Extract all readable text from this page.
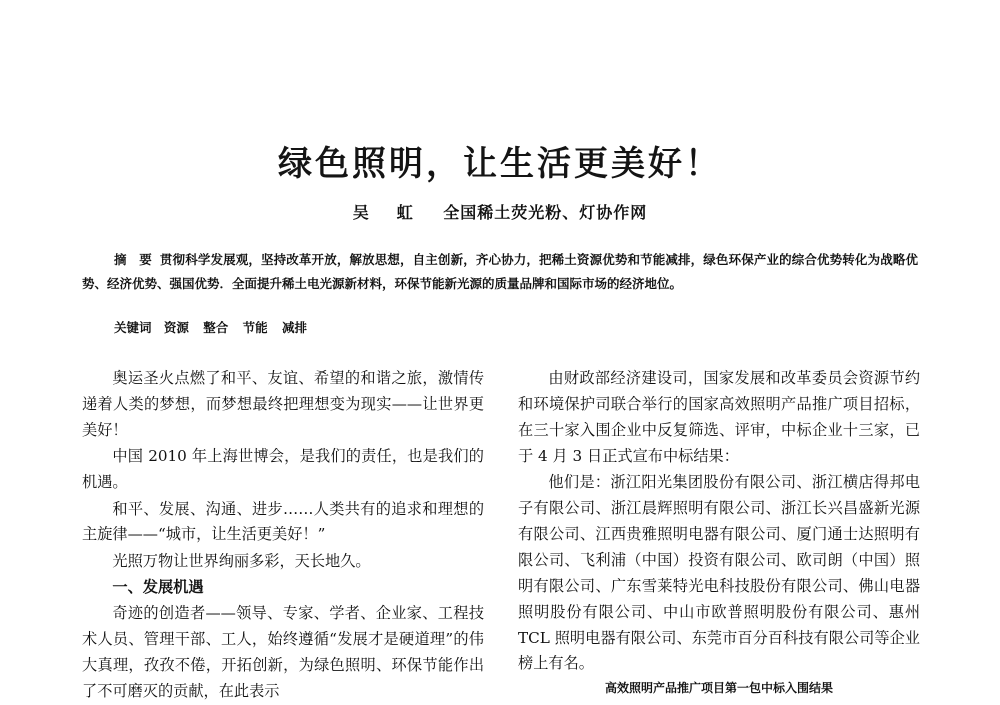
绿色照明，让生活更美好！
吴　虹 全国稀土荧光粉、灯协作网
摘　要 贯彻科学发展观，坚持改革开放，解放思想，自主创新，齐心协力，把稀土资源优势和节能减排，绿色环保产业的综合优势转化为战略优势、经济优势、强国优势．全面提升稀土电光源新材料，环保节能新光源的质量品牌和国际市场的经济地位。
关键词 资源 整合 节能 减排

奥运圣火点燃了和平、友谊、希望的和谐之旅，激情传递着人类的梦想，而梦想最终把理想变为现实——让世界更美好！

中国 2010 年上海世博会，是我们的责任，也是我们的机遇。

和平、发展、沟通、进步……人类共有的追求和理想的主旋律——“城市，让生活更美好！”

光照万物让世界绚丽多彩，天长地久。

一、发展机遇

奇迹的创造者——领导、专家、学者、企业家、工程技术人员、管理干部、工人，始终遵循“发展才是硬道理”的伟大真理，孜孜不倦，开拓创新，为绿色照明、环保节能作出了不可磨灭的贡献，在此表示

由财政部经济建设司，国家发展和改革委员会资源节约和环境保护司联合举行的国家高效照明产品推广项目招标，在三十家入围企业中反复筛选、评审，中标企业十三家，已于 4 月 3 日正式宣布中标结果：

他们是：浙江阳光集团股份有限公司、浙江横店得邦电子有限公司、浙江晨辉照明有限公司、浙江长兴昌盛新光源有限公司、江西贵雅照明电器有限公司、厦门通士达照明有限公司、飞利浦（中国）投资有限公司、欧司朗（中国）照明有限公司、广东雪莱特光电科技股份有限公司、佛山电器照明股份有限公司、中山市欧普照明股份有限公司、惠州 TCL 照明电器有限公司、东莞市百分百科技有限公司等企业榜上有名。

高效照明产品推广项目第一包中标入围结果
